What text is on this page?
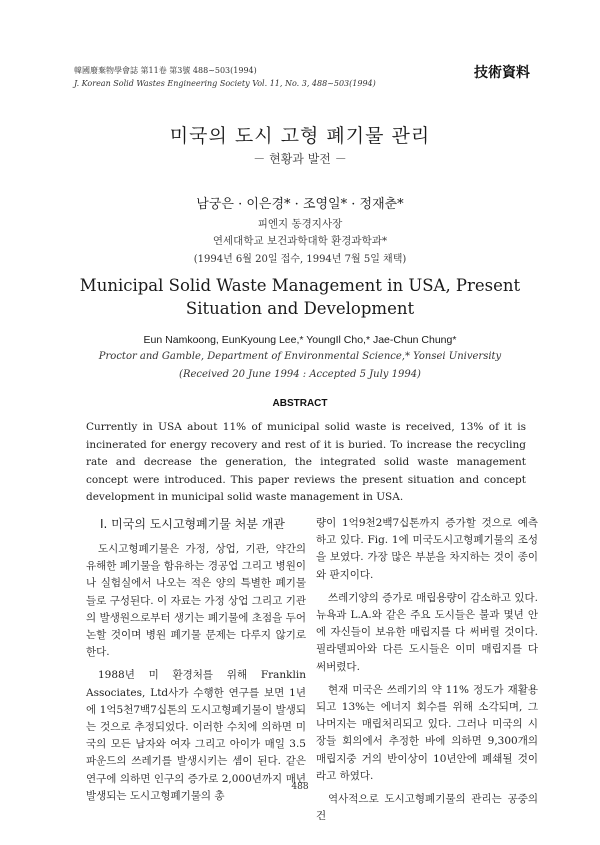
韓國廢棄物學會誌 第11卷 第3號 488~503(1994)
J. Korean Solid Wastes Engineering Society Vol. 11, No. 3, 488~503(1994)
技術資料
미국의 도시 고형 폐기물 관리
－ 현황과 발전 －
남궁은 · 이은경* · 조영일* · 정재춘*
피엔지 동경지사장
연세대학교 보건과학대학 환경과학과*
(1994년 6월 20일 접수, 1994년 7월 5일 채택)
Municipal Solid Waste Management in USA, Present Situation and Development
Eun Namkoong, EunKyoung Lee,* YoungIl Cho,* Jae-Chun Chung*
Proctor and Gamble, Department of Environmental Science,* Yonsei University
(Received 20 June 1994 : Accepted 5 July 1994)
ABSTRACT
Currently in USA about 11% of municipal solid waste is received, 13% of it is incinerated for energy recovery and rest of it is buried. To increase the recycling rate and decrease the generation, the integrated solid waste management concept were introduced. This paper reviews the present situation and concept development in municipal solid waste management in USA.
I. 미국의 도시고형폐기물 처분 개관

도시고형폐기물은 가정, 상업, 기관, 약간의 유해한 폐기물을 함유하는 경공업 그리고 병원이나 실험실에서 나오는 적은 양의 특별한 폐기물들로 구성된다. 이 자료는 가정 상업 그리고 기관의 발생원으로부터 생기는 폐기물에 초점을 두어 논할 것이며 병원 폐기물 문제는 다루지 않기로 한다.

1988년 미 환경처를 위해 Franklin Associates, Ltd사가 수행한 연구를 보면 1년에 1억5천7백7십톤의 도시고형폐기물이 발생되는 것으로 추정되었다. 이러한 수치에 의하면 미국의 모든 남자와 여자 그리고 아이가 매일 3.5파운드의 쓰레기를 발생시키는 셈이 된다. 같은 연구에 의하면 인구의 증가로 2,000년까지 매년 발생되는 도시고형폐기물의 총

량이 1억9천2백7십톤까지 증가할 것으로 예측하고 있다. Fig. 1에 미국도시고형폐기물의 조성을 보였다. 가장 많은 부분을 차지하는 것이 종이와 판지이다.

쓰레기양의 증가로 매립용량이 감소하고 있다. 뉴욕과 L.A.와 같은 주요 도시들은 불과 몇년 안에 자신들이 보유한 매립지를 다 써버릴 것이다. 필라델피아와 다른 도시들은 이미 매립지를 다 써버렸다.

현재 미국은 쓰레기의 약 11% 정도가 재활용되고 13%는 에너지 회수를 위해 소각되며, 그 나머지는 매립처리되고 있다. 그러나 미국의 시장들 회의에서 추정한 바에 의하면 9,300개의 매립지중 거의 반이상이 10년안에 폐쇄될 것이라고 하였다.

역사적으로 도시고형폐기물의 관리는 공중의 건

488
